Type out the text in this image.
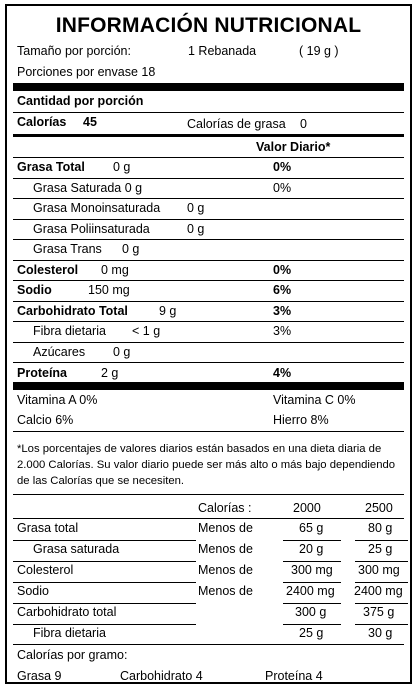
INFORMACIÓN NUTRICIONAL
Tamaño por porción:	1 Rebanada	( 19 g )
Porciones por envase 18
Cantidad por porción
Calorías 45	Calorías de grasa 0
Valor Diario*
Grasa Total 0 g	0%
Grasa Saturada 0 g	0%
Grasa Monoinsaturada 0 g
Grasa Poliinsaturada	0 g
Grasa Trans 0 g
Colesterol 0 mg	0%
Sodio	150 mg	6%
Carbohidrato Total 9 g	3%
Fibra dietaria < 1 g	3%
Azúcares 0 g
Proteína	2 g	4%
Vitamina A 0%	Vitamina C 0%
Calcio 6%	Hierro 8%
*Los porcentajes de valores diarios están basados en una dieta diaria de
2.000 Calorías. Su valor diario puede ser más alto o más bajo dependiendo
de las Calorías que se necesiten.
Calorías :	2000	2500
Grasa total	Menos de	65 g	80 g
Grasa saturada	Menos de	20 g	25 g
Colesterol	Menos de	300 mg 300 mg
Sodio	Menos de	2400 mg 2400 mg
Carbohidrato total	300 g	375 g
Fibra dietaria	25 g	30 g
Calorías por gramo:
Grasa 9	Carbohidrato 4	Proteína 4
